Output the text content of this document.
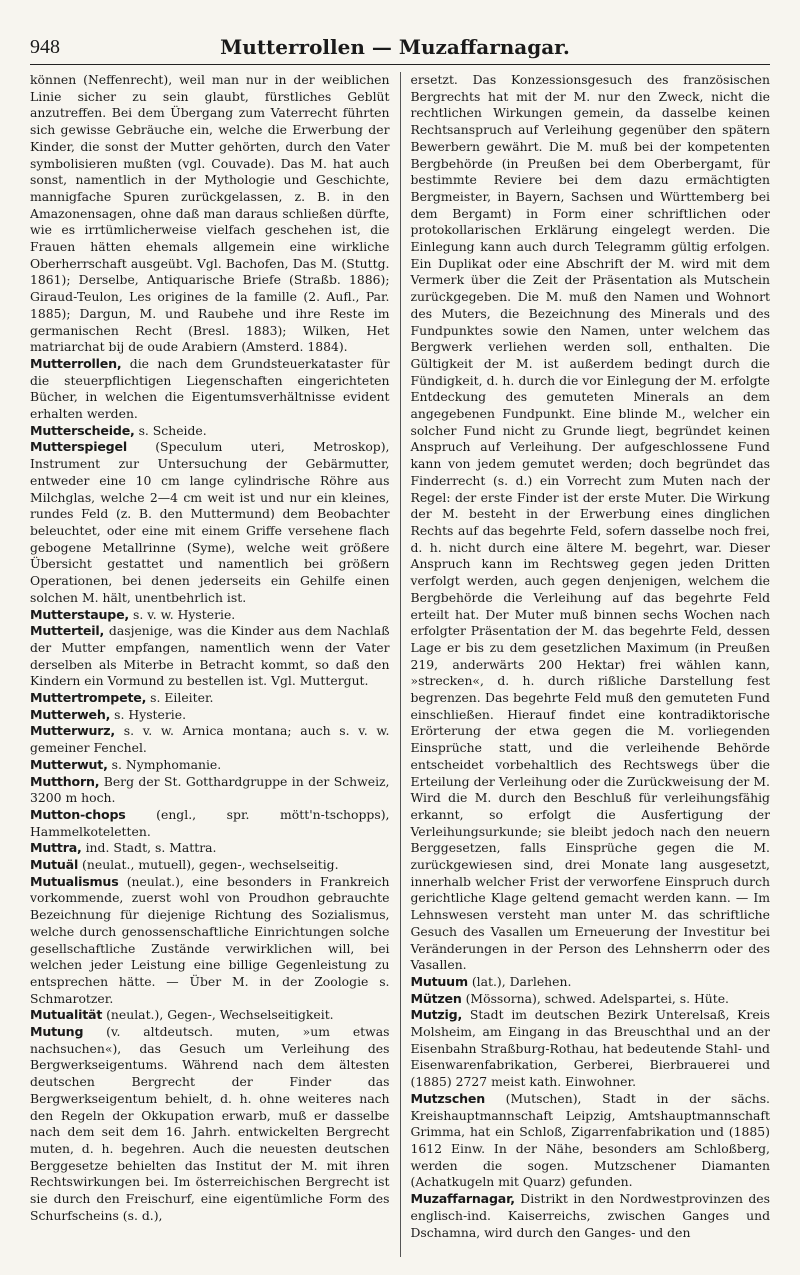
948	Mutterrollen — Muzaffarnagar.

können (Neffenrecht), weil man nur in der weiblichen Linie sicher zu sein glaubt, fürstliches Geblüt anzutreffen. Bei dem Übergang zum Vaterrecht führten sich gewisse Gebräuche ein, welche die Erwerbung der Kinder, die sonst der Mutter gehörten, durch den Vater symbolisieren mußten (vgl. Couvade). Das M. hat auch sonst, namentlich in der Mythologie und Geschichte, mannigfache Spuren zurückgelassen, z. B. in den Amazonensagen, ohne daß man daraus schließen dürfte, wie es irrtümlicherweise vielfach geschehen ist, die Frauen hätten ehemals allgemein eine wirkliche Oberherrschaft ausgeübt. Vgl. Bachofen, Das M. (Stuttg. 1861); Derselbe, Antiquarische Briefe (Straßb. 1886); Giraud-Teulon, Les origines de la famille (2. Aufl., Par. 1885); Dargun, M. und Raubehe und ihre Reste im germanischen Recht (Bresl. 1883); Wilken, Het matriarchat bij de oude Arabiern (Amsterd. 1884).

Mutterrollen, die nach dem Grundsteuerkataster für die steuerpflichtigen Liegenschaften eingerichteten Bücher, in welchen die Eigentumsverhältnisse evident erhalten werden.

Mutterscheide, s. Scheide.

Mutterspiegel (Speculum uteri, Metroskop), Instrument zur Untersuchung der Gebärmutter, entweder eine 10 cm lange cylindrische Röhre aus Milchglas, welche 2—4 cm weit ist und nur ein kleines, rundes Feld (z. B. den Muttermund) dem Beobachter beleuchtet, oder eine mit einem Griffe versehene flach gebogene Metallrinne (Syme), welche weit größere Übersicht gestattet und namentlich bei größern Operationen, bei denen jederseits ein Gehilfe einen solchen M. hält, unentbehrlich ist.

Mutterstaupe, s. v. w. Hysterie.

Mutterteil, dasjenige, was die Kinder aus dem Nachlaß der Mutter empfangen, namentlich wenn der Vater derselben als Miterbe in Betracht kommt, so daß den Kindern ein Vormund zu bestellen ist. Vgl. Muttergut.

Muttertrompete, s. Eileiter.

Mutterweh, s. Hysterie.

Mutterwurz, s. v. w. Arnica montana; auch s. v. w. gemeiner Fenchel.

Mutterwut, s. Nymphomanie.

Mutthorn, Berg der St. Gotthardgruppe in der Schweiz, 3200 m hoch.

Mutton-chops (engl., spr. mött'n-tschopps), Hammelkoteletten.

Muttra, ind. Stadt, s. Mattra.

Mutuäl (neulat., mutuell), gegen-, wechselseitig.

Mutualismus (neulat.), eine besonders in Frankreich vorkommende, zuerst wohl von Proudhon gebrauchte Bezeichnung für diejenige Richtung des Sozialismus, welche durch genossenschaftliche Einrichtungen solche gesellschaftliche Zustände verwirklichen will, bei welchen jeder Leistung eine billige Gegenleistung zu entsprechen hätte. — Über M. in der Zoologie s. Schmarotzer.

Mutualität (neulat.), Gegen-, Wechselseitigkeit.

Mutung (v. altdeutsch. muten, »um etwas nachsuchen«), das Gesuch um Verleihung des Bergwerkseigentums. Während nach dem ältesten deutschen Bergrecht der Finder das Bergwerkseigentum behielt, d. h. ohne weiteres nach den Regeln der Okkupation erwarb, muß er dasselbe nach dem seit dem 16. Jahrh. entwickelten Bergrecht muten, d. h. begehren. Auch die neuesten deutschen Berggesetze behielten das Institut der M. mit ihren Rechtswirkungen bei. Im österreichischen Bergrecht ist sie durch den Freischurf, eine eigentümliche Form des Schurfscheins (s. d.),

ersetzt. Das Konzessionsgesuch des französischen Bergrechts hat mit der M. nur den Zweck, nicht die rechtlichen Wirkungen gemein, da dasselbe keinen Rechtsanspruch auf Verleihung gegenüber den spätern Bewerbern gewährt. Die M. muß bei der kompetenten Bergbehörde (in Preußen bei dem Oberbergamt, für bestimmte Reviere bei dem dazu ermächtigten Bergmeister, in Bayern, Sachsen und Württemberg bei dem Bergamt) in Form einer schriftlichen oder protokollarischen Erklärung eingelegt werden. Die Einlegung kann auch durch Telegramm gültig erfolgen. Ein Duplikat oder eine Abschrift der M. wird mit dem Vermerk über die Zeit der Präsentation als Mutschein zurückgegeben. Die M. muß den Namen und Wohnort des Muters, die Bezeichnung des Minerals und des Fundpunktes sowie den Namen, unter welchem das Bergwerk verliehen werden soll, enthalten. Die Gültigkeit der M. ist außerdem bedingt durch die Fündigkeit, d. h. durch die vor Einlegung der M. erfolgte Entdeckung des gemuteten Minerals an dem angegebenen Fundpunkt. Eine blinde M., welcher ein solcher Fund nicht zu Grunde liegt, begründet keinen Anspruch auf Verleihung. Der aufgeschlossene Fund kann von jedem gemutet werden; doch begründet das Finderrecht (s. d.) ein Vorrecht zum Muten nach der Regel: der erste Finder ist der erste Muter. Die Wirkung der M. besteht in der Erwerbung eines dinglichen Rechts auf das begehrte Feld, sofern dasselbe noch frei, d. h. nicht durch eine ältere M. begehrt, war. Dieser Anspruch kann im Rechtsweg gegen jeden Dritten verfolgt werden, auch gegen denjenigen, welchem die Bergbehörde die Verleihung auf das begehrte Feld erteilt hat. Der Muter muß binnen sechs Wochen nach erfolgter Präsentation der M. das begehrte Feld, dessen Lage er bis zu dem gesetzlichen Maximum (in Preußen 219, anderwärts 200 Hektar) frei wählen kann, »strecken«, d. h. durch rißliche Darstellung fest begrenzen. Das begehrte Feld muß den gemuteten Fund einschließen. Hierauf findet eine kontradiktorische Erörterung der etwa gegen die M. vorliegenden Einsprüche statt, und die verleihende Behörde entscheidet vorbehaltlich des Rechtswegs über die Erteilung der Verleihung oder die Zurückweisung der M. Wird die M. durch den Beschluß für verleihungsfähig erkannt, so erfolgt die Ausfertigung der Verleihungsurkunde; sie bleibt jedoch nach den neuern Berggesetzen, falls Einsprüche gegen die M. zurückgewiesen sind, drei Monate lang ausgesetzt, innerhalb welcher Frist der verworfene Einspruch durch gerichtliche Klage geltend gemacht werden kann. — Im Lehnswesen versteht man unter M. das schriftliche Gesuch des Vasallen um Erneuerung der Investitur bei Veränderungen in der Person des Lehnsherrn oder des Vasallen.

Mutuum (lat.), Darlehen.

Mützen (Mössorna), schwed. Adelspartei, s. Hüte.

Mutzig, Stadt im deutschen Bezirk Unterelsaß, Kreis Molsheim, am Eingang in das Breuschthal und an der Eisenbahn Straßburg-Rothau, hat bedeutende Stahl- und Eisenwarenfabrikation, Gerberei, Bierbrauerei und (1885) 2727 meist kath. Einwohner.

Mutzschen (Mutschen), Stadt in der sächs. Kreishauptmannschaft Leipzig, Amtshauptmannschaft Grimma, hat ein Schloß, Zigarrenfabrikation und (1885) 1612 Einw. In der Nähe, besonders am Schloßberg, werden die sogen. Mutzschener Diamanten (Achatkugeln mit Quarz) gefunden.

Muzaffarnagar, Distrikt in den Nordwestprovinzen des englisch-ind. Kaiserreichs, zwischen Ganges und Dschamna, wird durch den Ganges- und den
